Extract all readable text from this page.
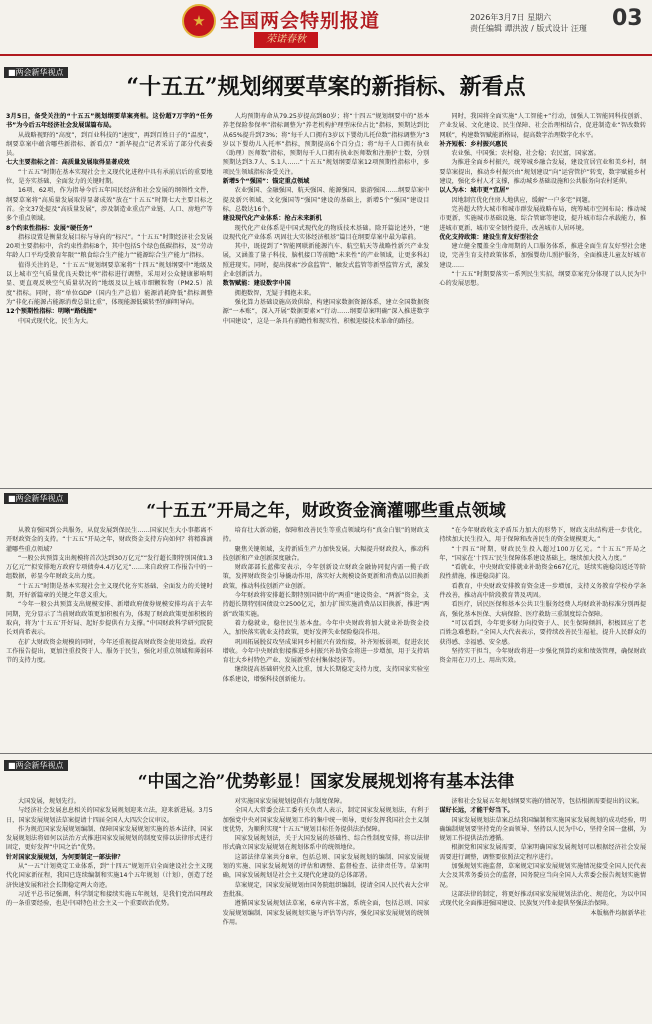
全国两会特别报道
荣诺春秋
2026年3月7日 星期六
责任编辑 谭洪波 / 版式设计 汪瑾 03
■两会新华视点
“十五五”规划纲要草案的新指标、新看点

3月5日，备受关注的“十五五”规划纲要草案亮相。这份超7万字的“任务书”为今后五年经济社会发展谋篇布局。

从战略视野的“高度”，到百业科技的“速度”，再到百姓日子的“温度”，纲要草案中蕴含哪些新指标、新看点？“新华视点”记者采访了部分代表委员。

七大主要指标之首：高质量发展取得显著成效

“十五五”时期在基本实现社会主义现代化进程中具有承前启后的重要地位，是夯实基础、全面发力的关键时期。

16项、62项，作为指导今后五年国民经济和社会发展的纲领性文件，纲要草案将“高质量发展取得显著成效”放在“十五五”时期七大主要目标之首。全文37处提及“高质量发展”，涉及制造业重点产业链、人口、房地产等多个重点领域。

8个约束性指标：发展“硬任务”

指标设置是衡量发展目标与导向的“标尺”。“十五五”时期经济社会发展20项主要指标中，含约束性指标8个，其中包括5个绿色低碳指标，及“劳动年龄人口平均受教育年限”“粮食综合生产能力”“能源综合生产能力”指标。

值得关注的是，“十五五”规划纲要草案将“十四五”规划纲要中“地级及以上城市空气质量优良天数比率”指标进行调整，采用对公众健康影响明显、更直观反映空气质量状况的“地级及以上城市细颗粒物（PM2.5）浓度”指标。同时，将“单位GDP（国内生产总值）能源消耗降低”指标调整为“非化石能源占能源消费总量比重”，体现能源低碳转型的鲜明导向。

12个预期性指标：明晰“路线图”

中国式现代化，民生为大。

人均预期寿命从79.25岁提高到80岁；将“十四五”规划纲要中的“基本养老保险参保率”指标调整为“养老机构护理型床位占比”指标，预期达到比从65%提升到73%；将“每千人口拥有3岁以下婴幼儿托位数”指标调整为“3岁以下婴幼儿入托率”指标，预期提高6个百分点；将“每千人口拥有执业（助理）医师数”指标，预期每千人口拥有执业医师数和注册护士数，分别预期达到3.7人、5.1人……“十五五”规划纲要草案12项预期性指标中，多项民生领域指标备受关注。

新增5个“强国”：锚定重点领域

农业强国、金融强国、航天强国、能源强国、旅游强国……纲要草案中提及新兴领域、文化强国等“强国”建设的基础上，新增5个“强国”建设目标，总数达16个。

建设现代化产业体系：抢占未来新机

现代化产业体系是中国式现代化的物质技术基础。除开篇论述外，“建设现代化产业体系 巩固壮大实体经济根基”篇目在纲要草案中最为靠前。

其中，既提到了“智能网联新能源汽车、航空航天等战略性新兴产业发展，又涵盖了量子科技、脑机接口等前瞻“未来性”的产业领域，让更多科幻照进现实。同时，提出探索“沙盒监管”、触发式监管等新型监管方式，激发企业创新活力。

数智赋能：建设数字中国

拥抱数智，无疑于拥抱未来。

强化算力基础设施高效供给，构建国家数据资源体系，建立全国数据资源“一本账”，深入开展“数据要素×”行动……纲要草案明确“深入推进数字中国建设”，这是一条具有前瞻性和现实性、积极迎接技术革命的路径。

同时，我国将全面实施“人工智能+”行动，加强人工智能同科技创新、产业发展、文化建设、民生保障、社会治理相结合，促进制造业“智改数转网联”，构建数智赋能新格局，提高数字治理数字化水平。

补齐短板：乡村振兴惠民

农业强、中国强；农村稳，社会稳；农民富，国家富。

为推进全面乡村振兴，统筹城乡融合发展，建设宜居宜业和美乡村，纲要草案提出，推动乡村振兴由“规划建设”向“运营管护”转变，数字赋能乡村建设，强化乡村人才支撑，推动城乡基础设施和公共服务向农村延伸。

以人为本：城市更“宜居”

因地制宜优化住房人地供应，缓解“一户多宅”问题。

完善超大特大城市和城市群发展战略布局，统筹城市空间布局；推动城市更新，实施城市基础设施、综合管廊等建设，提升城市综合承载能力，推进城市更新、城市安全韧性提升，改善城市人居环境。

优化支持政策：建设生育友好型社会

建立健全覆盖全生命周期的人口服务体系，推进全面生育友好型社会建设，完善生育支持政策体系，加强婴幼儿照护服务，全面推进儿童友好城市建设……

“十五五”时期要落实一系列民生实招，纲要草案充分体现了以人民为中心的发展思想。

■两会新华视点
“十五五”开局之年，财政资金滴灌哪些重点领域

从教育强国到公共服务，从促发展到保民生……国家民生大小事都离不开财政资金的支持。“十五五”开局之年，财政资金支持方向如何？将精准滴灌哪些重点领域？

“一般公共预算支出规模将首次达到30万亿元”“发行超长期特别国债1.3万亿元”“拟安排地方政府专项债券4.4万亿元”……来自政府工作报告中的一组数据，彰显今年财政支出力度。

“十五五”时期是基本实现社会主义现代化夯实基础、全面发力的关键时期，开好新篇章的关键之年意义重大。

“今年一般公共预算支出规模安排、新增政府债券规模安排均高于去年同期，充分显示了当前财政政策更加积极有为，体现了财政政策更加积极的取向，将为‘十五五’开好局、起好步提供有力支撑。”中国财政科学研究院院长刘尚希表示。

在扩大财政资金规模的同时，今年还重视提高财政资金使用效益。政府工作报告提出，更加注重投资于人、服务于民生，强化对重点领域和薄弱环节的支持力度。

培育壮大新动能，保障和改善民生等重点领域均有“真金白银”的财政支持。

聚焦关键领域，支持新质生产力加快发展。大幅提升财政投入，推动科技创新和产业创新深度融合。

财政部部长蓝佛安表示，今年创新设立财政金融协同促内需一揽子政策，发挥财政资金引导撬动作用，落实好大规模设备更新和消费品以旧换新政策，推动科技创新产业创新。

今年财政将安排超长期特别国债中的“两重”建设资金、“两新”资金，支持超长期特别国债设立2500亿元，加力扩围实施消费品以旧换新，推进“两新”政策实施。

着力稳就业，稳住民生基本盘。今年中央财政将加大就业补助资金投入，加快落实就业支持政策，更好发挥失业保险稳岗作用。

巩固拓展脱贫攻坚成果同乡村振兴有效衔接，补齐短板弱项，促进农民增收。今年中央财政衔接推进乡村振兴补助资金将进一步增加，用于支持培育壮大乡村特色产业、发展新型农村集体经济等。

继续提高基础研究投入比重，加大长期稳定支持力度，支持国家实验室体系建设，增强科技创新能力。

“在今年财政收支矛盾压力加大的形势下，财政支出结构进一步优化，持续加大民生投入，用于保障和改善民生的资金规模更大。”

“十四五”时期，财政民生投入超过100万亿元。“十五五”开局之年，“国家在‘十四五’民生保障体系建设基础上，继续加大投入力度。”

“看就业，中央财政安排就业补助资金667亿元，延续实施稳岗返还等阶段性措施，推进稳岗扩岗。

看教育，中央财政安排教育资金进一步增加，支持义务教育学校办学条件改善，推动高中阶段教育普及巩固。

看医疗，居民医保和基本公共卫生服务经费人均财政补助标准分别再提高，强化基本医保、大病保险、医疗救助三重制度综合保障。

“可以看到，今年更多财力向投资于人、民生保障倾斜，积极回应了老百姓急难愁盼。”全国人大代表表示，要持续改善民生福祉，提升人民群众的获得感、幸福感、安全感。

坚持实干担当，今年财政将进一步强化预算约束和绩效管理，确保财政资金用在刀刃上、用出实效。

■两会新华视点
“中国之治”优势彰显！国家发展规划将有基本法律

大国发展，规划先行。

与经济社会发展息息相关的国家发展规划迎来立法，迎来新进展。3月5日，国家发展规划法草案提请十四届全国人大四次会议审议。

作为规范国家发展规划编制、保障国家发展规划实施的基本法律，国家发展规划法将如何以法治方式推进国家发展规划的制度安排以法律形式进行固定，更好发挥“中国之治”优势。

针对国家发展规划，为何要制定一部法律？

从“一五”计划奠定工业体系，到“十四五”规划开启全面建设社会主义现代化国家新征程，我国已连续编制和实施14个五年规划（计划），创造了经济快速发展和社会长期稳定两大奇迹。

习近平总书记强调，科学制定和接续实施五年规划，是我们党治国理政的一条重要经验，也是中国特色社会主义一个重要政治优势。

对实施国家发展规划提供有力制度保障。

全国人大常委会法工委有关负责人表示，制定国家发展规划法，有利于加强党中央对国家发展规划工作的集中统一领导，更好发挥我国社会主义制度优势，为顺利实现“十五五”规划目标任务提供法治保障。

国家发展规划法，关于大国发展的基础性、综合性制度安排，将以法律形式确立国家发展规划在规划体系中的统领地位。

这部法律草案共分8章，包括总则、国家发展规划的编制、国家发展规划的实施、国家发展规划的评估和调整、监督检查、法律责任等。草案明确，国家发展规划是社会主义现代化建设的总体部署。

草案规定，国家发展规划由国务院组织编制，提请全国人民代表大会审查批准。

遵循国家发展规划法草案，6章内容丰富，系统全面，包括总则、国家发展规划编制、国家发展规划实施与评估等内容，强化国家发展规划的统领作用。

济和社会发展五年规划纲要实施的情况等，包括根据需要提出的议案。

谋好长远，才能干好当下。

国家发展规划法草案总结我国编制和实施国家发展规划的成功经验，明确编制规划要坚持党的全面领导、坚持以人民为中心，坚持全国一盘棋，为规划工作提供法治遵循。

根据党和国家发展需要，草案明确国家发展规划可以根据经济社会发展需要进行调整，调整要依照法定程序进行。

加强规划实施监督，草案规定国家发展规划实施情况接受全国人民代表大会及其常务委员会的监督，国务院应当向全国人大常委会报告规划实施情况。

这部法律的制定，将更好推动国家发展规划法治化、规范化，为以中国式现代化全面推进强国建设、民族复兴伟业提供坚强法治保障。

本版稿件均据新华社
